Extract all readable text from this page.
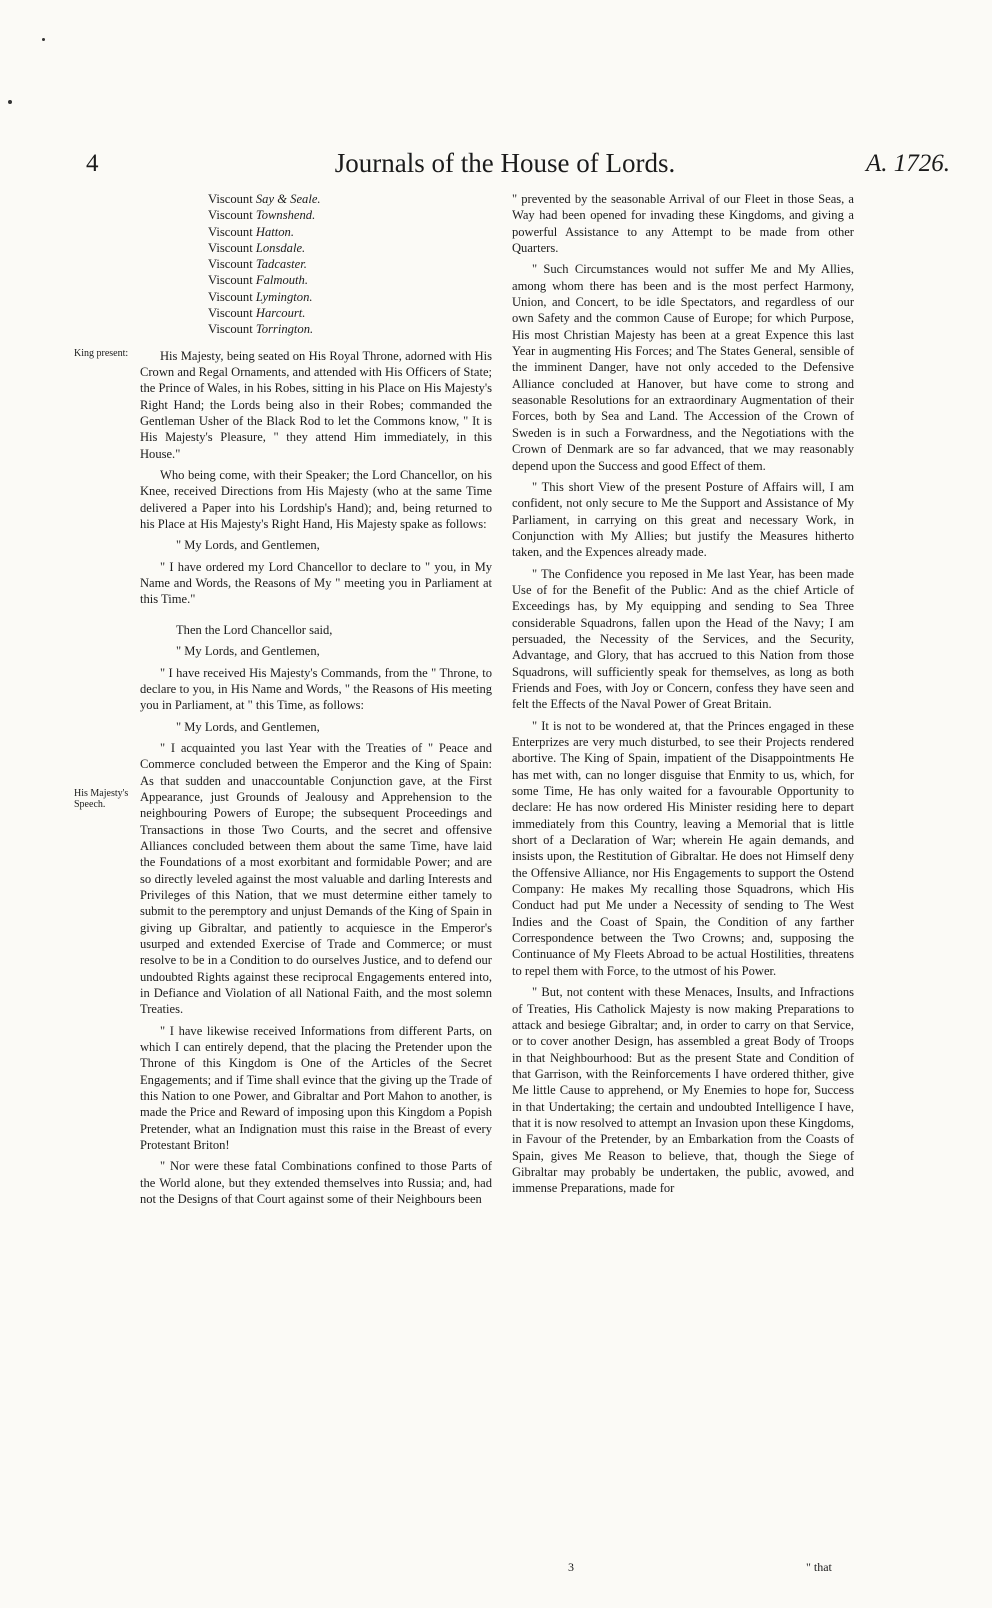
4	Journals of the House of Lords.	A. 1726.
King present:
His Majesty's Speech.
Viscount Say & Seale.
Viscount Townshend.
Viscount Hatton.
Viscount Lonsdale.
Viscount Tadcaster.
Viscount Falmouth.
Viscount Lymington.
Viscount Harcourt.
Viscount Torrington.

His Majesty, being seated on His Royal Throne, adorned with His Crown and Regal Ornaments, and attended with His Officers of State; the Prince of Wales, in his Robes, sitting in his Place on His Majesty's Right Hand; the Lords being also in their Robes; commanded the Gentleman Usher of the Black Rod to let the Commons know, " It is His Majesty's Pleasure, " they attend Him immediately, in this House."

Who being come, with their Speaker; the Lord Chancellor, on his Knee, received Directions from His Majesty (who at the same Time delivered a Paper into his Lordship's Hand); and, being returned to his Place at His Majesty's Right Hand, His Majesty spake as follows:

" My Lords, and Gentlemen,

" I have ordered my Lord Chancellor to declare to " you, in My Name and Words, the Reasons of My " meeting you in Parliament at this Time."

Then the Lord Chancellor said,

" My Lords, and Gentlemen,

" I have received His Majesty's Commands, from the " Throne, to declare to you, in His Name and Words, " the Reasons of His meeting you in Parliament, at " this Time, as follows:

" My Lords, and Gentlemen,

" I acquainted you last Year with the Treaties of " Peace and Commerce concluded between the Emperor and the King of Spain: As that sudden and unaccountable Conjunction gave, at the First Appearance, just Grounds of Jealousy and Apprehension to the neighbouring Powers of Europe; the subsequent Proceedings and Transactions in those Two Courts, and the secret and offensive Alliances concluded between them about the same Time, have laid the Foundations of a most exorbitant and formidable Power; and are so directly leveled against the most valuable and darling Interests and Privileges of this Nation, that we must determine either tamely to submit to the peremptory and unjust Demands of the King of Spain in giving up Gibraltar, and patiently to acquiesce in the Emperor's usurped and extended Exercise of Trade and Commerce; or must resolve to be in a Condition to do ourselves Justice, and to defend our undoubted Rights against these reciprocal Engagements entered into, in Defiance and Violation of all National Faith, and the most solemn Treaties.

" I have likewise received Informations from different Parts, on which I can entirely depend, that the placing the Pretender upon the Throne of this Kingdom is One of the Articles of the Secret Engagements; and if Time shall evince that the giving up the Trade of this Nation to one Power, and Gibraltar and Port Mahon to another, is made the Price and Reward of imposing upon this Kingdom a Popish Pretender, what an Indignation must this raise in the Breast of every Protestant Briton!

" Nor were these fatal Combinations confined to those Parts of the World alone, but they extended themselves into Russia; and, had not the Designs of that Court against some of their Neighbours been

" prevented by the seasonable Arrival of our Fleet in those Seas, a Way had been opened for invading these Kingdoms, and giving a powerful Assistance to any Attempt to be made from other Quarters.

" Such Circumstances would not suffer Me and My Allies, among whom there has been and is the most perfect Harmony, Union, and Concert, to be idle Spectators, and regardless of our own Safety and the common Cause of Europe; for which Purpose, His most Christian Majesty has been at a great Expence this last Year in augmenting His Forces; and The States General, sensible of the imminent Danger, have not only acceded to the Defensive Alliance concluded at Hanover, but have come to strong and seasonable Resolutions for an extraordinary Augmentation of their Forces, both by Sea and Land. The Accession of the Crown of Sweden is in such a Forwardness, and the Negotiations with the Crown of Denmark are so far advanced, that we may reasonably depend upon the Success and good Effect of them.

" This short View of the present Posture of Affairs will, I am confident, not only secure to Me the Support and Assistance of My Parliament, in carrying on this great and necessary Work, in Conjunction with My Allies; but justify the Measures hitherto taken, and the Expences already made.

" The Confidence you reposed in Me last Year, has been made Use of for the Benefit of the Public: And as the chief Article of Exceedings has, by My equipping and sending to Sea Three considerable Squadrons, fallen upon the Head of the Navy; I am persuaded, the Necessity of the Services, and the Security, Advantage, and Glory, that has accrued to this Nation from those Squadrons, will sufficiently speak for themselves, as long as both Friends and Foes, with Joy or Concern, confess they have seen and felt the Effects of the Naval Power of Great Britain.

" It is not to be wondered at, that the Princes engaged in these Enterprizes are very much disturbed, to see their Projects rendered abortive. The King of Spain, impatient of the Disappointments He has met with, can no longer disguise that Enmity to us, which, for some Time, He has only waited for a favourable Opportunity to declare: He has now ordered His Minister residing here to depart immediately from this Country, leaving a Memorial that is little short of a Declaration of War; wherein He again demands, and insists upon, the Restitution of Gibraltar. He does not Himself deny the Offensive Alliance, nor His Engagements to support the Ostend Company: He makes My recalling those Squadrons, which His Conduct had put Me under a Necessity of sending to The West Indies and the Coast of Spain, the Condition of any farther Correspondence between the Two Crowns; and, supposing the Continuance of My Fleets Abroad to be actual Hostilities, threatens to repel them with Force, to the utmost of his Power.

" But, not content with these Menaces, Insults, and Infractions of Treaties, His Catholick Majesty is now making Preparations to attack and besiege Gibraltar; and, in order to carry on that Service, or to cover another Design, has assembled a great Body of Troops in that Neighbourhood: But as the present State and Condition of that Garrison, with the Reinforcements I have ordered thither, give Me little Cause to apprehend, or My Enemies to hope for, Success in that Undertaking; the certain and undoubted Intelligence I have, that it is now resolved to attempt an Invasion upon these Kingdoms, in Favour of the Pretender, by an Embarkation from the Coasts of Spain, gives Me Reason to believe, that, though the Siege of Gibraltar may probably be undertaken, the public, avowed, and immense Preparations, made for

3	" that
